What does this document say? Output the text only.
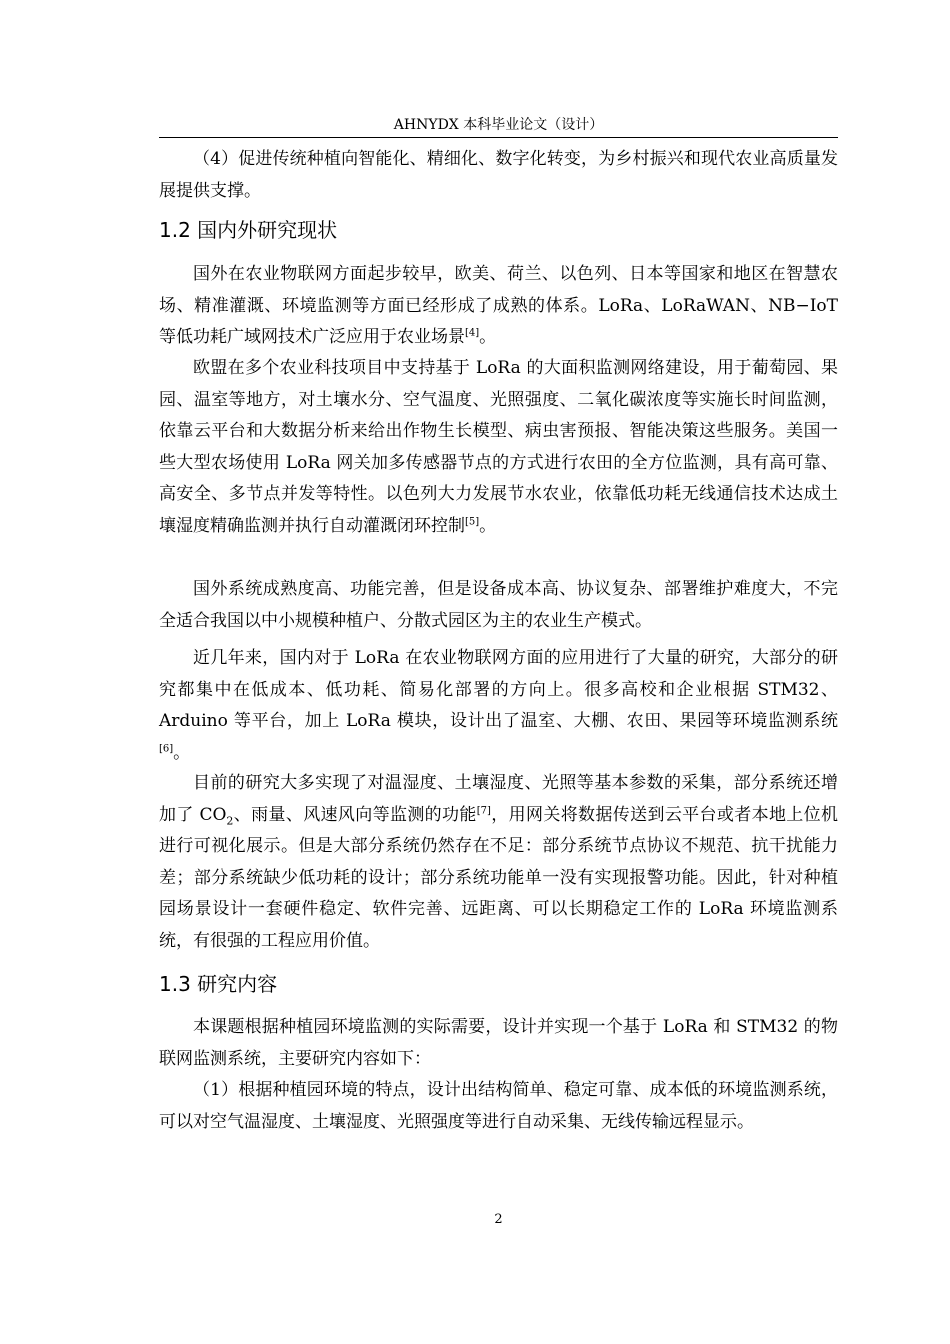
AHNYDX 本科毕业论文（设计）

（4）促进传统种植向智能化、精细化、数字化转变，为乡村振兴和现代农业高质量发展提供支撑。

1.2 国内外研究现状

国外在农业物联网方面起步较早，欧美、荷兰、以色列、日本等国家和地区在智慧农场、精准灌溉、环境监测等方面已经形成了成熟的体系。LoRa、LoRaWAN、NB−IoT 等低功耗广域网技术广泛应用于农业场景[4]。

欧盟在多个农业科技项目中支持基于 LoRa 的大面积监测网络建设，用于葡萄园、果园、温室等地方，对土壤水分、空气温度、光照强度、二氧化碳浓度等实施长时间监测，依靠云平台和大数据分析来给出作物生长模型、病虫害预报、智能决策这些服务。美国一些大型农场使用 LoRa 网关加多传感器节点的方式进行农田的全方位监测，具有高可靠、高安全、多节点并发等特性。以色列大力发展节水农业，依靠低功耗无线通信技术达成土壤湿度精确监测并执行自动灌溉闭环控制[5]。

国外系统成熟度高、功能完善，但是设备成本高、协议复杂、部署维护难度大，不完全适合我国以中小规模种植户、分散式园区为主的农业生产模式。

近几年来，国内对于 LoRa 在农业物联网方面的应用进行了大量的研究，大部分的研究都集中在低成本、低功耗、简易化部署的方向上。很多高校和企业根据 STM32、Arduino 等平台，加上 LoRa 模块，设计出了温室、大棚、农田、果园等环境监测系统[6]。

目前的研究大多实现了对温湿度、土壤湿度、光照等基本参数的采集，部分系统还增加了 $CO_2$、雨量、风速风向等监测的功能[7]，用网关将数据传送到云平台或者本地上位机进行可视化展示。但是大部分系统仍然存在不足：部分系统节点协议不规范、抗干扰能力差；部分系统缺少低功耗的设计；部分系统功能单一没有实现报警功能。因此，针对种植园场景设计一套硬件稳定、软件完善、远距离、可以长期稳定工作的 LoRa 环境监测系统，有很强的工程应用价值。

1.3 研究内容

本课题根据种植园环境监测的实际需要，设计并实现一个基于 LoRa 和 STM32 的物联网监测系统，主要研究内容如下：

（1）根据种植园环境的特点，设计出结构简单、稳定可靠、成本低的环境监测系统，可以对空气温湿度、土壤湿度、光照强度等进行自动采集、无线传输远程显示。

2
